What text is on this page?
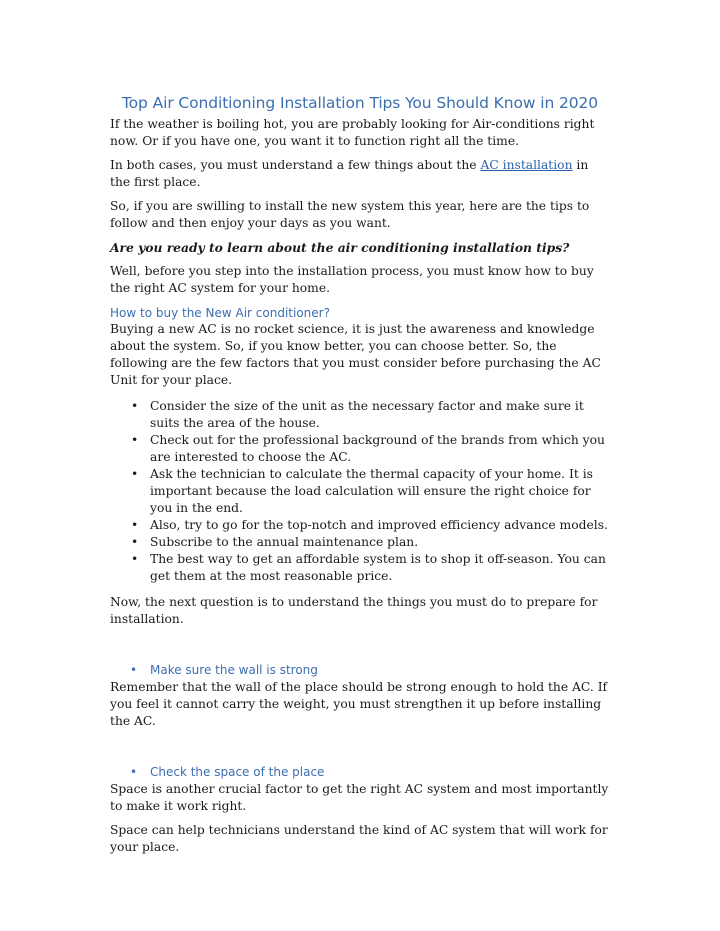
Top Air Conditioning Installation Tips You Should Know in 2020

If the weather is boiling hot, you are probably looking for Air-conditions right now. Or if you have one, you want it to function right all the time.

In both cases, you must understand a few things about the AC installation in the first place.

So, if you are swilling to install the new system this year, here are the tips to follow and then enjoy your days as you want.

Are you ready to learn about the air conditioning installation tips?

Well, before you step into the installation process, you must know how to buy the right AC system for your home.

How to buy the New Air conditioner?

Buying a new AC is no rocket science, it is just the awareness and knowledge about the system. So, if you know better, you can choose better. So, the following are the few factors that you must consider before purchasing the AC Unit for your place.

• Consider the size of the unit as the necessary factor and make sure it suits the area of the house.
• Check out for the professional background of the brands from which you are interested to choose the AC.
• Ask the technician to calculate the thermal capacity of your home. It is important because the load calculation will ensure the right choice for you in the end.
• Also, try to go for the top-notch and improved efficiency advance models.
• Subscribe to the annual maintenance plan.
• The best way to get an affordable system is to shop it off-season. You can get them at the most reasonable price.

Now, the next question is to understand the things you must do to prepare for installation.

• Make sure the wall is strong

Remember that the wall of the place should be strong enough to hold the AC. If you feel it cannot carry the weight, you must strengthen it up before installing the AC.

• Check the space of the place

Space is another crucial factor to get the right AC system and most importantly to make it work right.

Space can help technicians understand the kind of AC system that will work for your place.
